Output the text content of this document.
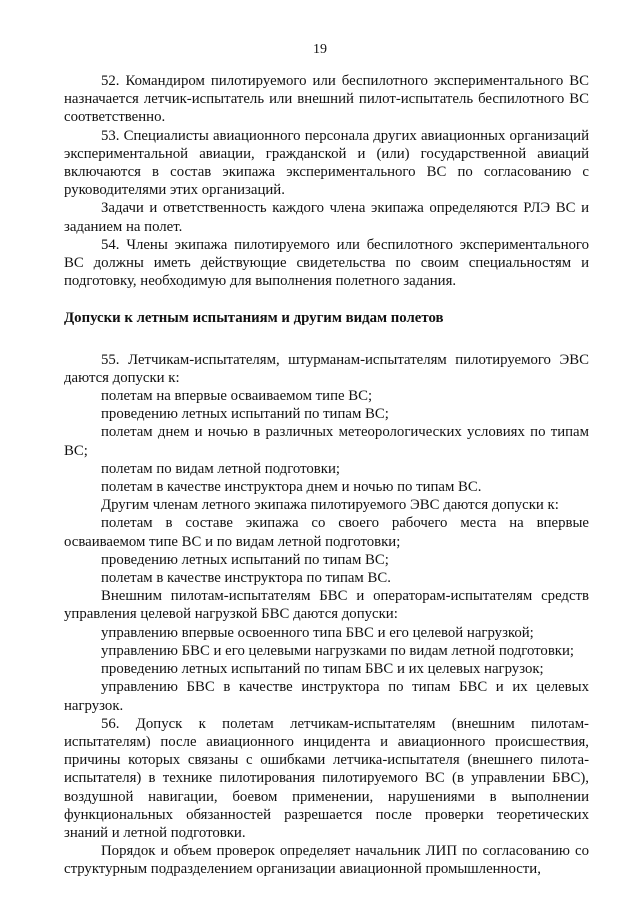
19

52. Командиром пилотируемого или беспилотного экспериментального ВС назначается летчик-испытатель или внешний пилот-испытатель беспилотного ВС соответственно.

53. Специалисты авиационного персонала других авиационных организаций экспериментальной авиации, гражданской и (или) государственной авиаций включаются в состав экипажа экспериментального ВС по согласованию с руководителями этих организаций.

Задачи и ответственность каждого члена экипажа определяются РЛЭ ВС и заданием на полет.

54. Члены экипажа пилотируемого или беспилотного экспериментального ВС должны иметь действующие свидетельства по своим специальностям и подготовку, необходимую для выполнения полетного задания.

Допуски к летным испытаниям и другим видам полетов

55. Летчикам-испытателям, штурманам-испытателям пилотируемого ЭВС даются допуски к:

полетам на впервые осваиваемом типе ВС;

проведению летных испытаний по типам ВС;

полетам днем и ночью в различных метеорологических условиях по типам ВС;

полетам по видам летной подготовки;

полетам в качестве инструктора днем и ночью по типам ВС.

Другим членам летного экипажа пилотируемого ЭВС даются допуски к:

полетам в составе экипажа со своего рабочего места на впервые осваиваемом типе ВС и по видам летной подготовки;

проведению летных испытаний по типам ВС;

полетам в качестве инструктора по типам ВС.

Внешним пилотам-испытателям БВС и операторам-испытателям средств управления целевой нагрузкой БВС даются допуски:

управлению впервые освоенного типа БВС и его целевой нагрузкой;

управлению БВС и его целевыми нагрузками по видам летной подготовки;

проведению летных испытаний по типам БВС и их целевых нагрузок;

управлению БВС в качестве инструктора по типам БВС и их целевых нагрузок.

56. Допуск к полетам летчикам-испытателям (внешним пилотам-испытателям) после авиационного инцидента и авиационного происшествия, причины которых связаны с ошибками летчика-испытателя (внешнего пилота-испытателя) в технике пилотирования пилотируемого ВС (в управлении БВС), воздушной навигации, боевом применении, нарушениями в выполнении функциональных обязанностей разрешается после проверки теоретических знаний и летной подготовки.

Порядок и объем проверок определяет начальник ЛИП по согласованию со структурным подразделением организации авиационной промышленности,
